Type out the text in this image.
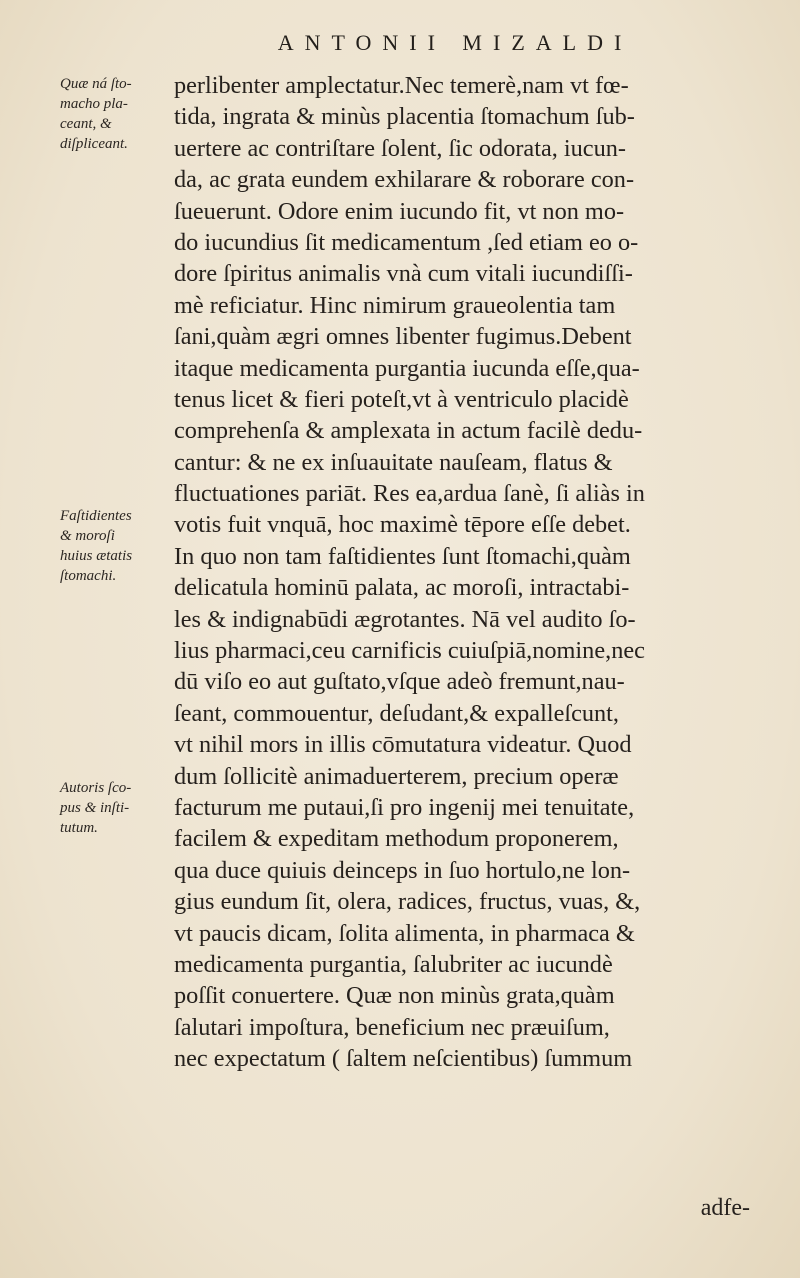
ANTONII MIZALDI
Quæ ná ſto-
macho pla-
ceant, &
diſpliceant.
Faſtidientes
& moroſi
huius ætatis
ſtomachi.
Autoris ſco-
pus & inſti-
tutum.
perlibenter amplectatur.Nec temerè,nam vt fœ-
tida, ingrata & minùs placentia ſtomachum ſub-
uertere ac contriſtare ſolent, ſic odorata, iucun-
da, ac grata eundem exhilarare & roborare con-
ſueuerunt. Odore enim iucundo fit, vt non mo-
do iucundius ſit medicamentum ,ſed etiam eo o-
dore ſpiritus animalis vnà cum vitali iucundiſſi-
mè reficiatur. Hinc nimirum graueolentia tam
ſani,quàm ægri omnes libenter fugimus.Debent
itaque medicamenta purgantia iucunda eſſe,qua-
tenus licet & fieri poteſt,vt à ventriculo placidè
comprehenſa & amplexata in actum facilè dedu-
cantur: & ne ex inſuauitate nauſeam, flatus &
fluctuationes pariāt. Res ea,ardua ſanè, ſi aliàs in
votis fuit vnquā, hoc maximè tēpore eſſe debet.
In quo non tam faſtidientes ſunt ſtomachi,quàm
delicatula hominū palata, ac moroſi, intractabi-
les & indignabūdi ægrotantes. Nā vel audito ſo-
lius pharmaci,ceu carnificis cuiuſpiā,nomine,nec
dū viſo eo aut guſtato,vſque adeò fremunt,nau-
ſeant, commouentur, deſudant,& expalleſcunt,
vt nihil mors in illis cōmutatura videatur. Quod
dum ſollicitè animaduerterem, precium operæ
facturum me putaui,ſi pro ingenij mei tenuitate,
facilem & expeditam methodum proponerem,
qua duce quiuis deinceps in ſuo hortulo,ne lon-
gius eundum ſit, olera, radices, fructus, vuas, &,
vt paucis dicam, ſolita alimenta, in pharmaca &
medicamenta purgantia, ſalubriter ac iucundè
poſſit conuertere. Quæ non minùs grata,quàm
ſalutari impoſtura, beneficium nec præuiſum,
nec expectatum ( ſaltem neſcientibus) ſummum
adfe-
